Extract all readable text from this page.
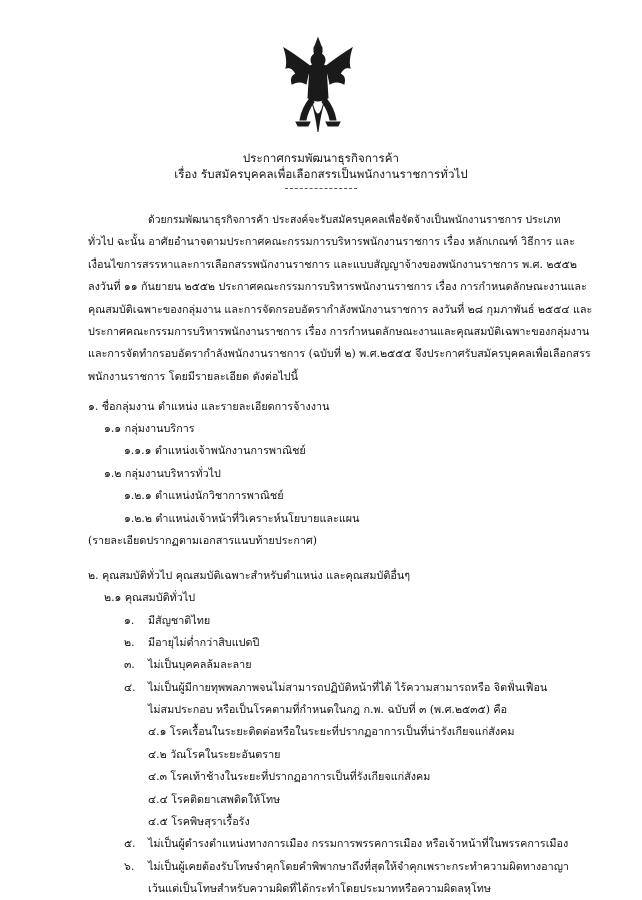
ประกาศกรมพัฒนาธุรกิจการค้า
เรื่อง รับสมัครบุคคลเพื่อเลือกสรรเป็นพนักงานราชการทั่วไป
ด้วยกรมพัฒนาธุรกิจการค้า ประสงค์จะรับสมัครบุคคลเพื่อจัดจ้างเป็นพนักงานราชการ ประเภท
ทั่วไป ฉะนั้น อาศัยอำนาจตามประกาศคณะกรรมการบริหารพนักงานราชการ เรื่อง หลักเกณฑ์ วิธีการ และ
เงื่อนไขการสรรหาและการเลือกสรรพนักงานราชการ และแบบสัญญาจ้างของพนักงานราชการ พ.ศ. ๒๕๕๒
ลงวันที่ ๑๑ กันยายน ๒๕๕๒ ประกาศคณะกรรมการบริหารพนักงานราชการ เรื่อง การกำหนดลักษณะงานและ
คุณสมบัติเฉพาะของกลุ่มงาน และการจัดกรอบอัตรากำลังพนักงานราชการ ลงวันที่ ๒๘ กุมภาพันธ์ ๒๕๕๔ และ
ประกาศคณะกรรมการบริหารพนักงานราชการ เรื่อง การกำหนดลักษณะงานและคุณสมบัติเฉพาะของกลุ่มงาน
และการจัดทำกรอบอัตรากำลังพนักงานราชการ (ฉบับที่ ๒) พ.ศ.๒๕๕๕ จึงประกาศรับสมัครบุคคลเพื่อเลือกสรร
พนักงานราชการ โดยมีรายละเอียด ดังต่อไปนี้
๑. ชื่อกลุ่มงาน ตำแหน่ง และรายละเอียดการจ้างงาน
๑.๑ กลุ่มงานบริการ
๑.๑.๑ ตำแหน่งเจ้าพนักงานการพาณิชย์
๑.๒ กลุ่มงานบริหารทั่วไป
๑.๒.๑ ตำแหน่งนักวิชาการพาณิชย์
๑.๒.๒ ตำแหน่งเจ้าหน้าที่วิเคราะห์นโยบายและแผน
(รายละเอียดปรากฏตามเอกสารแนบท้ายประกาศ)
๒. คุณสมบัติทั่วไป คุณสมบัติเฉพาะสำหรับตำแหน่ง และคุณสมบัติอื่นๆ
๒.๑ คุณสมบัติทั่วไป
๑. มีสัญชาติไทย
๒. มีอายุไม่ต่ำกว่าสิบแปดปี
๓. ไม่เป็นบุคคลล้มละลาย
๔. ไม่เป็นผู้มีกายทุพพลภาพจนไม่สามารถปฏิบัติหน้าที่ได้ ไร้ความสามารถหรือ จิตฟั่นเฟือน
ไม่สมประกอบ หรือเป็นโรคตามที่กำหนดในกฎ ก.พ. ฉบับที่ ๓ (พ.ศ.๒๕๓๕) คือ
๔.๑ โรคเรื้อนในระยะติดต่อหรือในระยะที่ปรากฏอาการเป็นที่น่ารังเกียจแก่สังคม
๔.๒ วัณโรคในระยะอันตราย
๔.๓ โรคเท้าช้างในระยะที่ปรากฏอาการเป็นที่รังเกียจแก่สังคม
๔.๔ โรคติดยาเสพติดให้โทษ
๔.๕ โรคพิษสุราเรื้อรัง
๕. ไม่เป็นผู้ดำรงตำแหน่งทางการเมือง กรรมการพรรคการเมือง หรือเจ้าหน้าที่ในพรรคการเมือง
๖. ไม่เป็นผู้เคยต้องรับโทษจำคุกโดยคำพิพากษาถึงที่สุดให้จำคุกเพราะกระทำความผิดทางอาญา
เว้นแต่เป็นโทษสำหรับความผิดที่ได้กระทำโดยประมาทหรือความผิดลหุโทษ
